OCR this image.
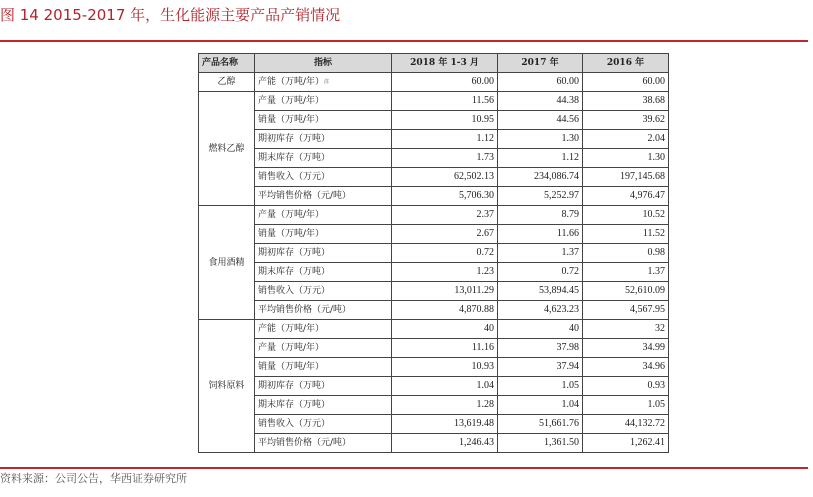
图 14 2015-2017 年，生化能源主要产品产销情况
产品名称	指标	2018 年 1-3 月	2017 年	2016 年
乙醇	产能（万吨/年）$^注$	60.00	60.00	60.00
燃料乙醇	产量（万吨/年）	11.56	44.38	38.68
	销量（万吨/年）	10.95	44.56	39.62
	期初库存（万吨）	1.12	1.30	2.04
	期末库存（万吨）	1.73	1.12	1.30
	销售收入（万元）	62,502.13	234,086.74	197,145.68
	平均销售价格（元/吨）	5,706.30	5,252.97	4,976.47
食用酒精	产量（万吨/年）	2.37	8.79	10.52
	销量（万吨/年）	2.67	11.66	11.52
	期初库存（万吨）	0.72	1.37	0.98
	期末库存（万吨）	1.23	0.72	1.37
	销售收入（万元）	13,011.29	53,894.45	52,610.09
	平均销售价格（元/吨）	4,870.88	4,623.23	4,567.95
饲料原料	产能（万吨/年）	40	40	32
	产量（万吨/年）	11.16	37.98	34.99
	销量（万吨/年）	10.93	37.94	34.96
	期初库存（万吨）	1.04	1.05	0.93
	期末库存（万吨）	1.28	1.04	1.05
	销售收入（万元）	13,619.48	51,661.76	44,132.72
	平均销售价格（元/吨）	1,246.43	1,361.50	1,262.41
资料来源：公司公告，华西证券研究所
